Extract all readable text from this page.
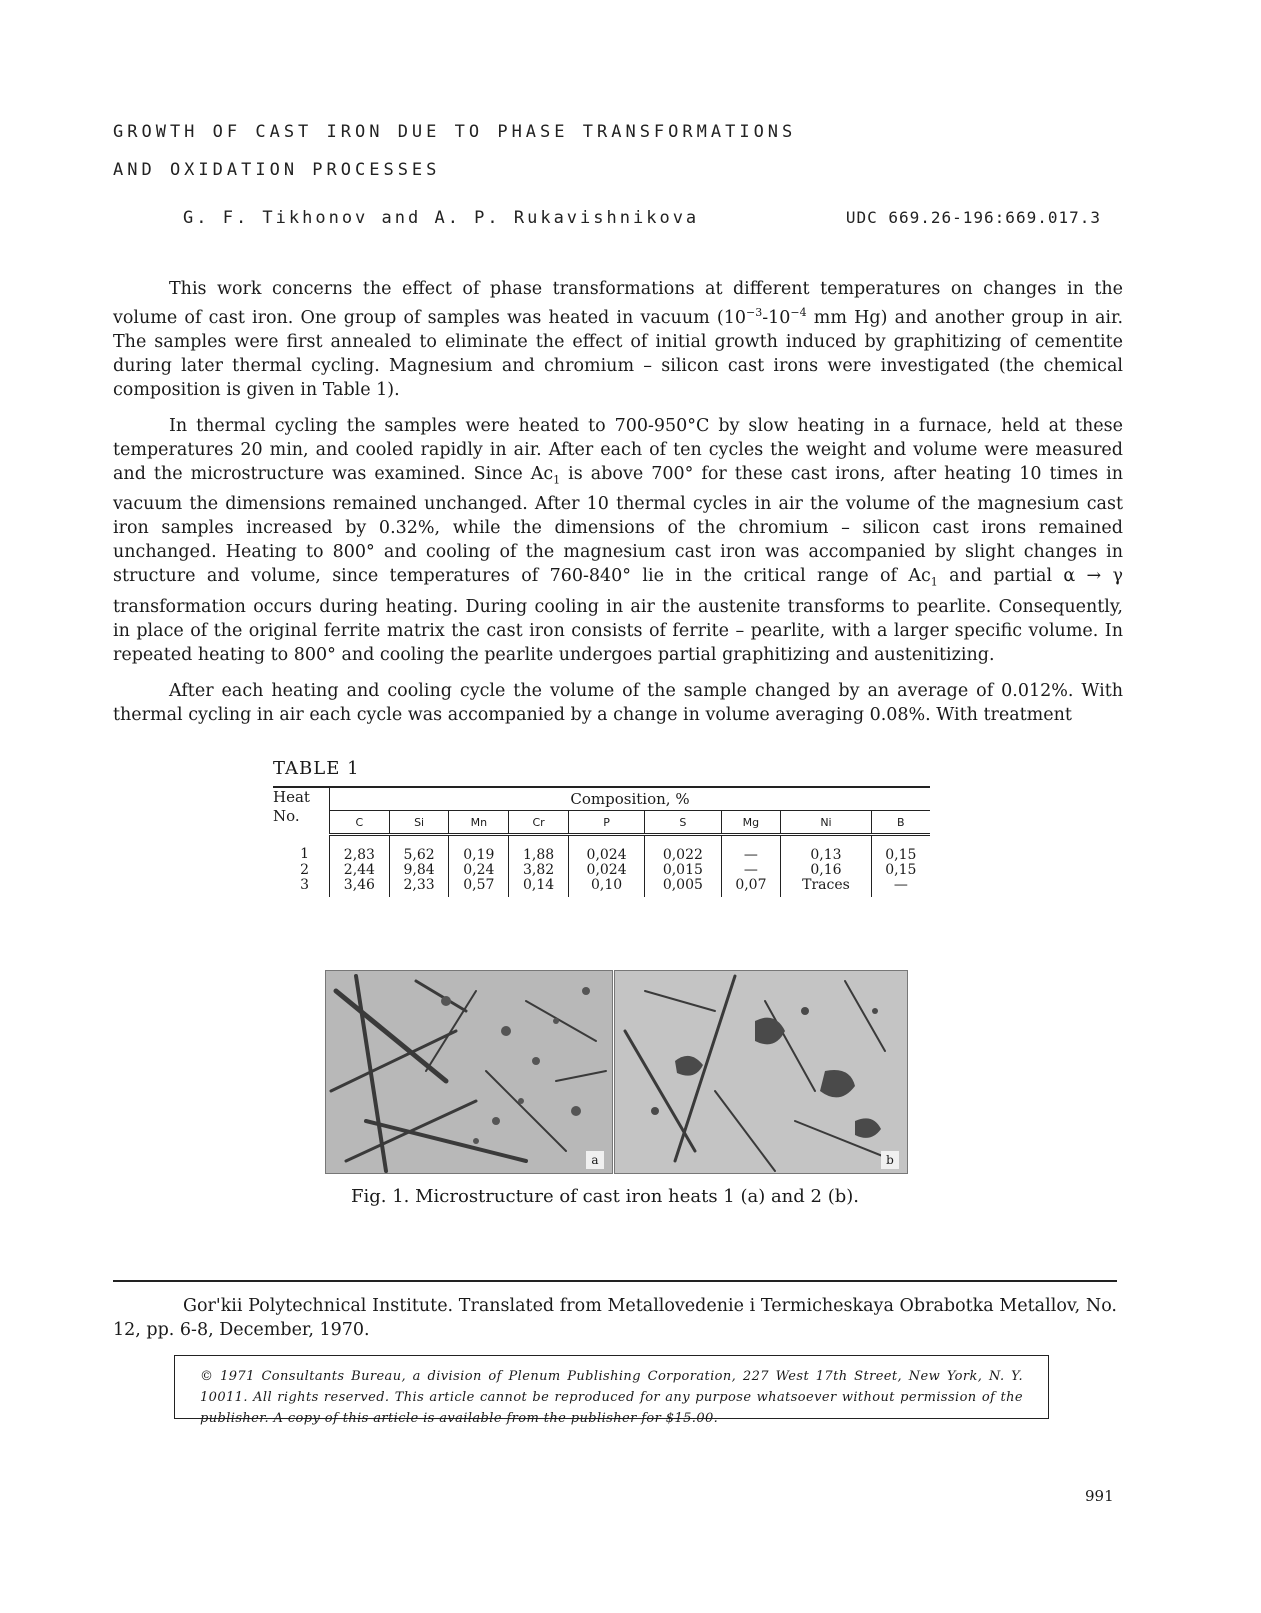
GROWTH OF CAST IRON DUE TO PHASE TRANSFORMATIONS
AND OXIDATION PROCESSES
G. F. Tikhonov and A. P. Rukavishnikova	UDC 669.26-196:669.017.3

This work concerns the effect of phase transformations at different temperatures on changes in the volume of cast iron. One group of samples was heated in vacuum ($10^{-3}-10^{-4}$ mm Hg) and another group in air. The samples were first annealed to eliminate the effect of initial growth induced by graphitizing of cementite during later thermal cycling. Magnesium and chromium – silicon cast irons were investigated (the chemical composition is given in Table 1).

In thermal cycling the samples were heated to 700-950°C by slow heating in a furnace, held at these temperatures 20 min, and cooled rapidly in air. After each of ten cycles the weight and volume were measured and the microstructure was examined. Since $Ac_1$ is above 700° for these cast irons, after heating 10 times in vacuum the dimensions remained unchanged. After 10 thermal cycles in air the volume of the magnesium cast iron samples increased by 0.32%, while the dimensions of the chromium – silicon cast irons remained unchanged. Heating to 800° and cooling of the magnesium cast iron was accompanied by slight changes in structure and volume, since temperatures of 760-840° lie in the critical range of $Ac_1$ and partial α → γ transformation occurs during heating. During cooling in air the austenite transforms to pearlite. Consequently, in place of the original ferrite matrix the cast iron consists of ferrite – pearlite, with a larger specific volume. In repeated heating to 800° and cooling the pearlite undergoes partial graphitizing and austenitizing.

After each heating and cooling cycle the volume of the sample changed by an average of 0.012%. With thermal cycling in air each cycle was accompanied by a change in volume averaging 0.08%. With treatment

TABLE 1
Heat No.	Composition, %								
	C	Si	Mn	Cr	P	S	Mg	Ni	B
1	2,83	5,62	0,19	1,88	0,024	0,022	—	0,13	0,15
2	2,44	9,84	0,24	3,82	0,024	0,015	—	0,16	0,15
3	3,46	2,33	0,57	0,14	0,10	0,005	0,07	Traces	—
a	b
Fig. 1. Microstructure of cast iron heats 1 (a) and 2 (b).

Gor'kii Polytechnical Institute. Translated from Metallovedenie i Termicheskaya Obrabotka Metallov, No. 12, pp. 6-8, December, 1970.

© 1971 Consultants Bureau, a division of Plenum Publishing Corporation, 227 West 17th Street, New York, N. Y. 10011. All rights reserved. This article cannot be reproduced for any purpose whatsoever without permission of the publisher. A copy of this article is available from the publisher for $15.00.
991
